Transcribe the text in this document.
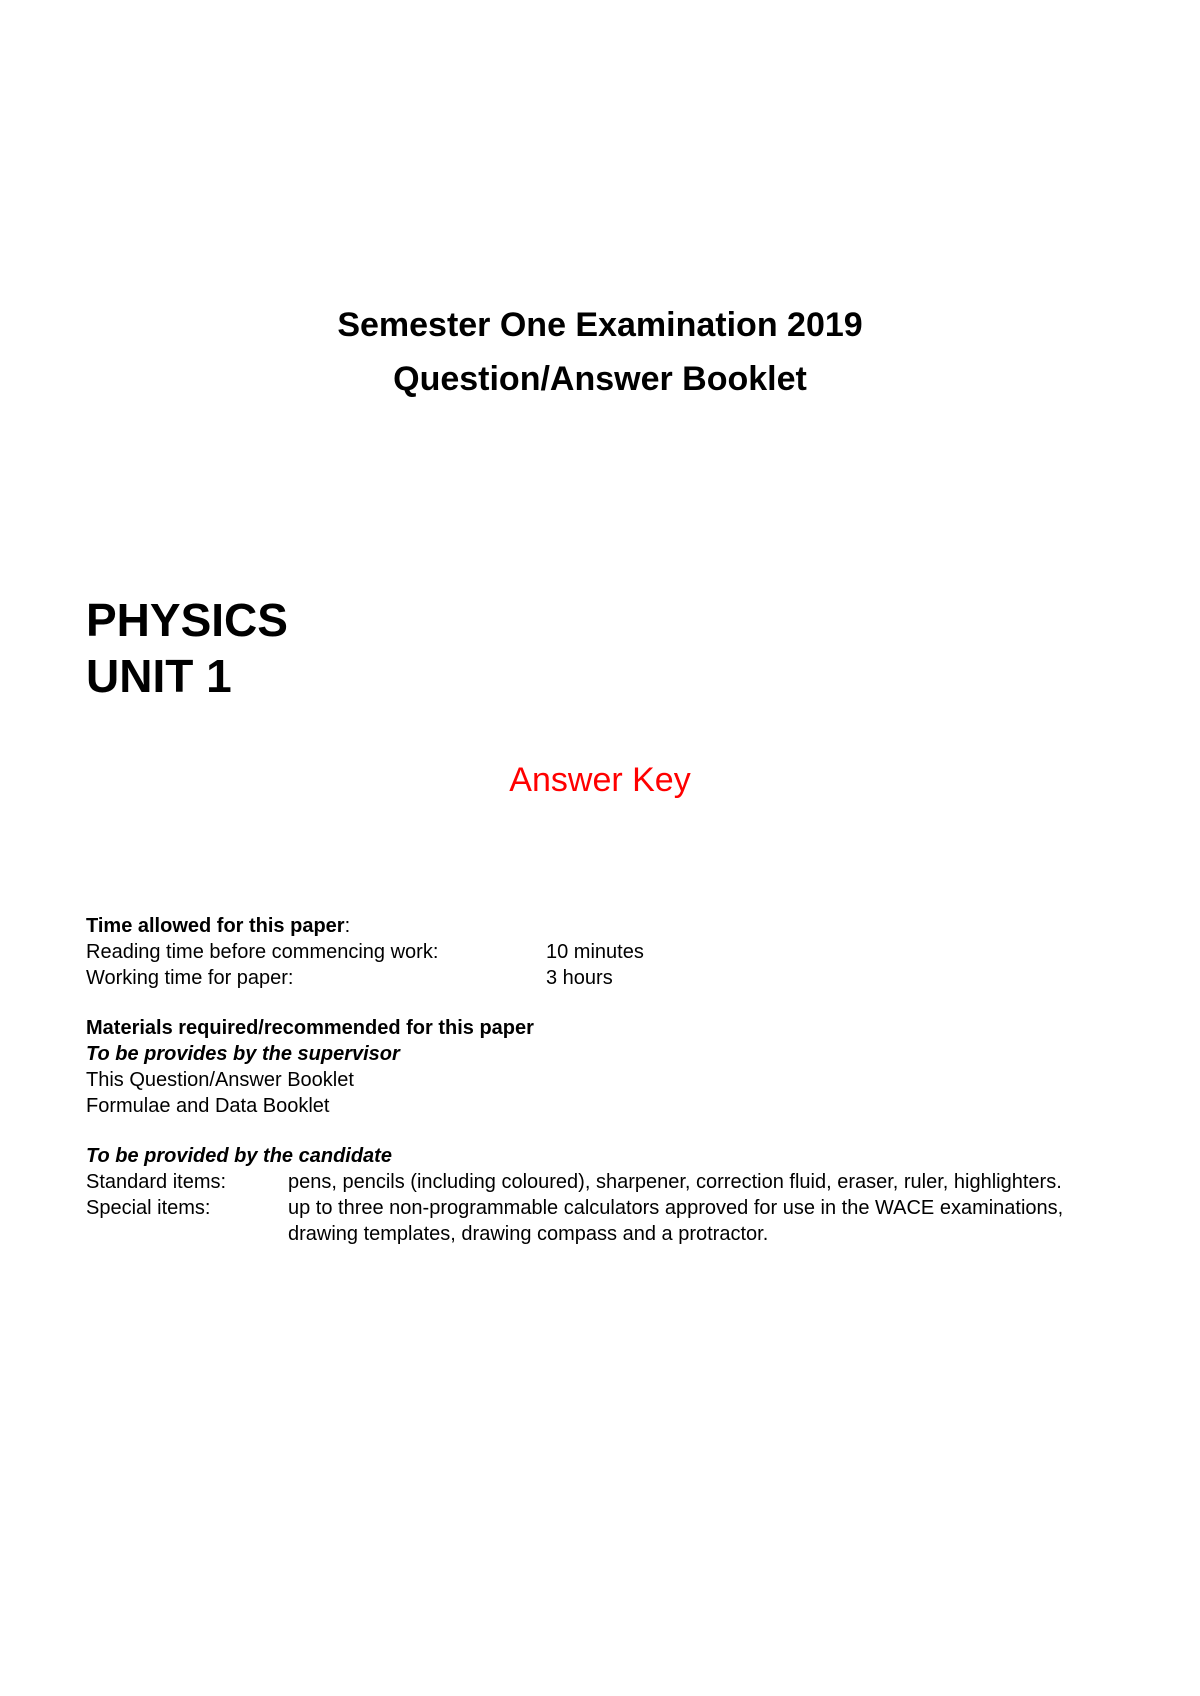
Semester One Examination 2019
Question/Answer Booklet
PHYSICS
UNIT 1
Answer Key
Time allowed for this paper:
Reading time before commencing work:	10 minutes
Working time for paper:	3 hours
Materials required/recommended for this paper
To be provides by the supervisor
This Question/Answer Booklet
Formulae and Data Booklet
To be provided by the candidate
Standard items:	pens, pencils (including coloured), sharpener, correction fluid, eraser, ruler, highlighters.
Special items:	up to three non-programmable calculators approved for use in the WACE examinations, drawing templates, drawing compass and a protractor.
